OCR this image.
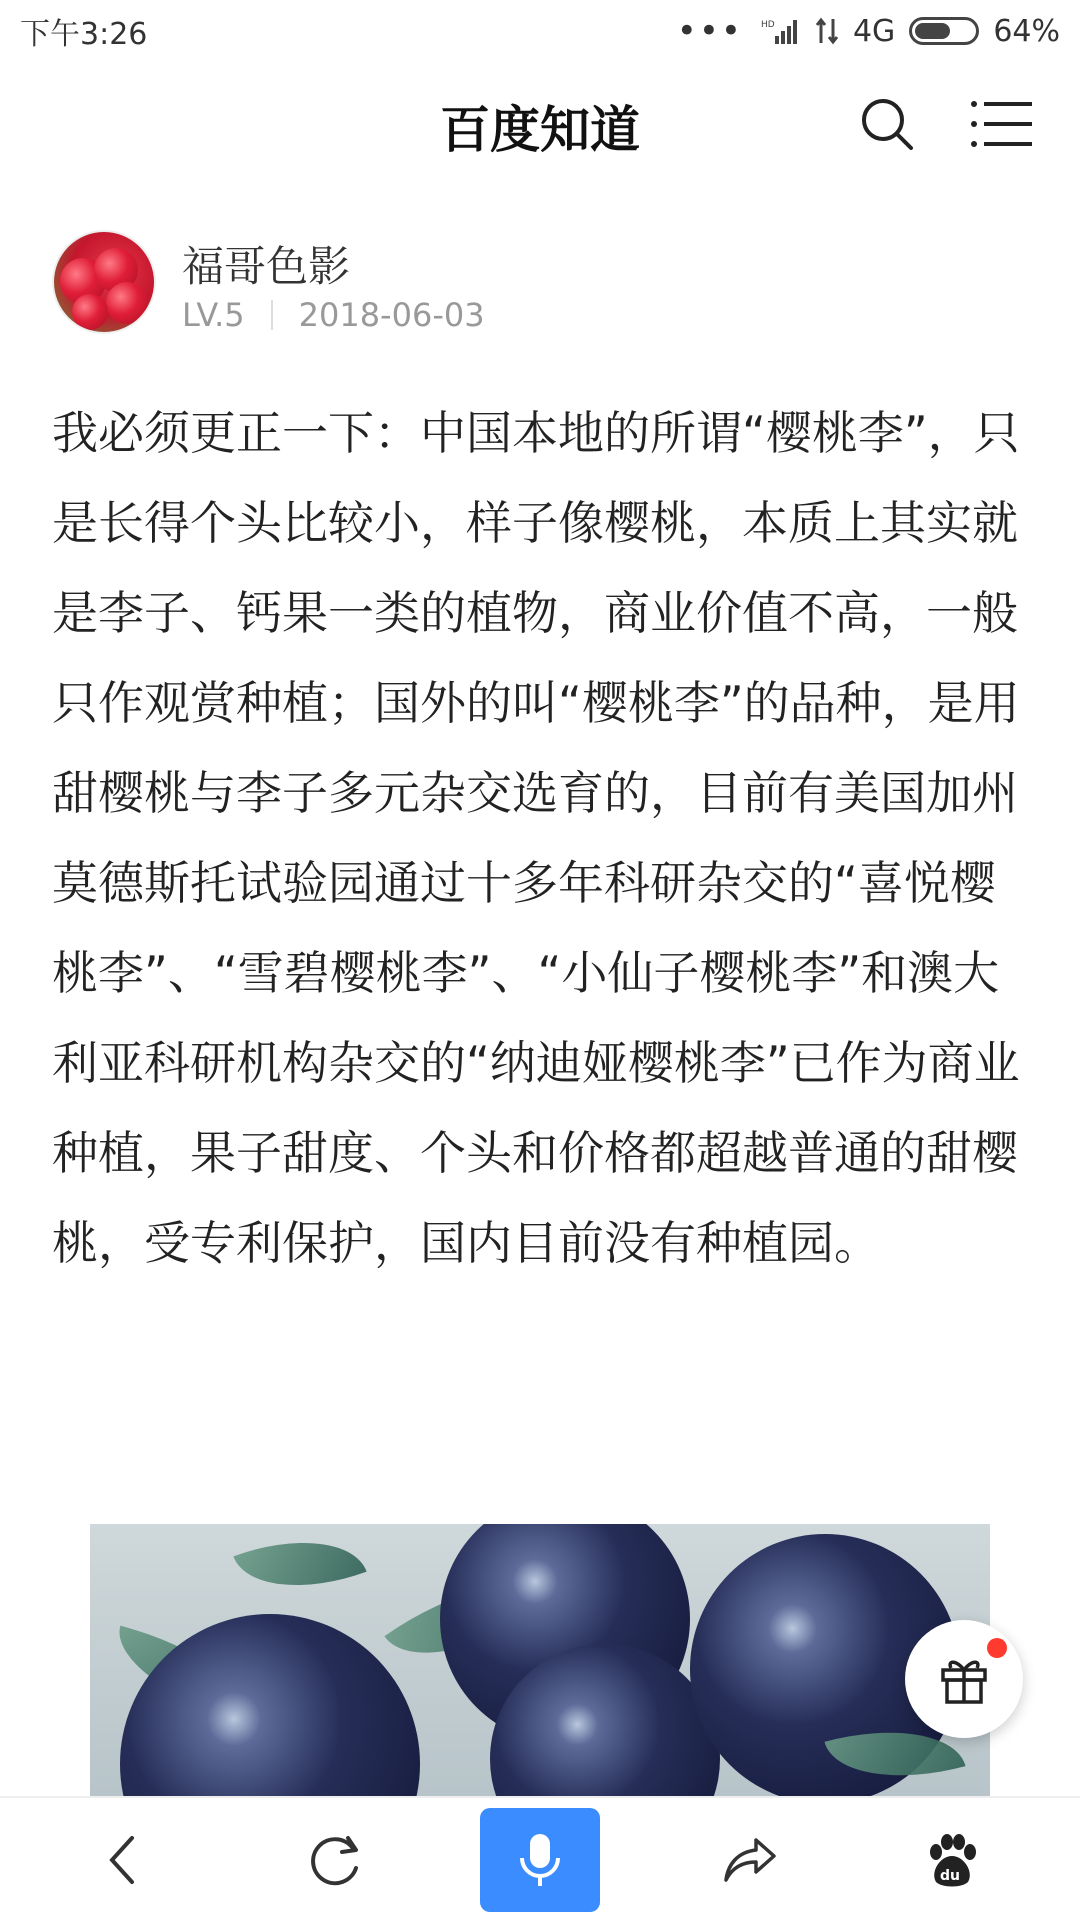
下午3:26	••• HD	4G	64%
百度知道
福哥色影
LV.5 2018-06-03

我必须更正一下：中国本地的所谓“樱桃李”，只是长得个头比较小，样子像樱桃，本质上其实就是李子、钙果一类的植物，商业价值不高，一般只作观赏种植；国外的叫“樱桃李”的品种，是用甜樱桃与李子多元杂交选育的，目前有美国加州莫德斯托试验园通过十多年科研杂交的“喜悦樱桃李”、“雪碧樱桃李”、“小仙子樱桃李”和澳大利亚科研机构杂交的“纳迪娅樱桃李”已作为商业种植，果子甜度、个头和价格都超越普通的甜樱桃，受专利保护，国内目前没有种植园。

du
